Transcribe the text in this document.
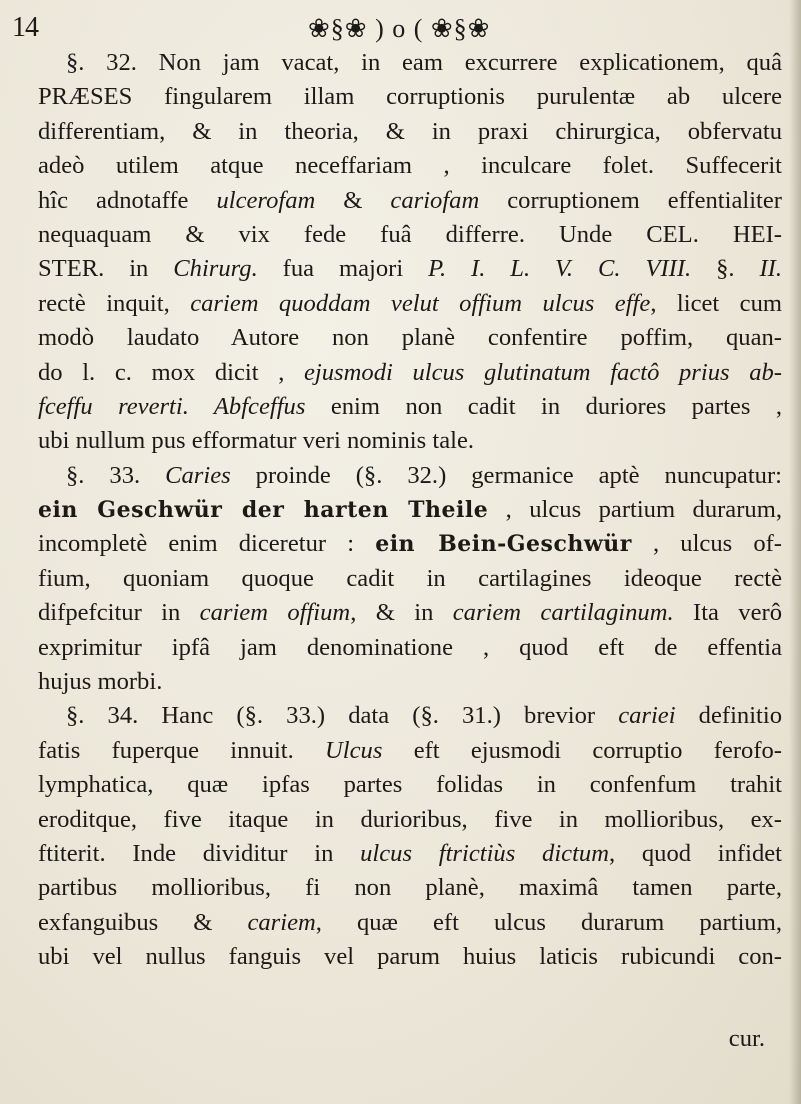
14	❀§❀ ) o ( ❀§❀
§. 32. Non jam vacat, in eam excurrere explicationem, quâ
PRÆSES fingularem illam corruptionis purulentæ ab ulcere
differentiam, & in theoria, & in praxi chirurgica, obfervatu
adeò utilem atque neceffariam , inculcare folet. Suffecerit
hîc adnotaffe ulcerofam & cariofam corruptionem effentialiter
nequaquam & vix fede fuâ differre. Unde CEL. HEI-
STER. in Chirurg. fua majori P. I. L. V. C. VIII. §. II.
rectè inquit, cariem quoddam velut offium ulcus effe, licet cum
modò laudato Autore non planè confentire poffim, quan-
do l. c. mox dicit , ejusmodi ulcus glutinatum factô prius ab-
fceffu reverti. Abfceffus enim non cadit in duriores partes ,
ubi nullum pus efformatur veri nominis tale.
§. 33. Caries proinde (§. 32.) germanice aptè nuncupatur:
ein Geschwür der harten Theile , ulcus partium durarum,
incompletè enim diceretur : ein Bein-Geschwür , ulcus of-
fium, quoniam quoque cadit in cartilagines ideoque rectè
difpefcitur in cariem offium, & in cariem cartilaginum. Ita verô
exprimitur ipfâ jam denominatione , quod eft de effentia
hujus morbi.
§. 34. Hanc (§. 33.) data (§. 31.) brevior cariei definitio
fatis fuperque innuit. Ulcus eft ejusmodi corruptio ferofo-
lymphatica, quæ ipfas partes folidas in confenfum trahit
eroditque, five itaque in durioribus, five in mollioribus, ex-
ftiterit. Inde dividitur in ulcus ftrictiùs dictum, quod infidet
partibus mollioribus, fi non planè, maximâ tamen parte,
exfanguibus & cariem, quæ eft ulcus durarum partium,
ubi vel nullus fanguis vel parum huius laticis rubicundi con-
cur.
